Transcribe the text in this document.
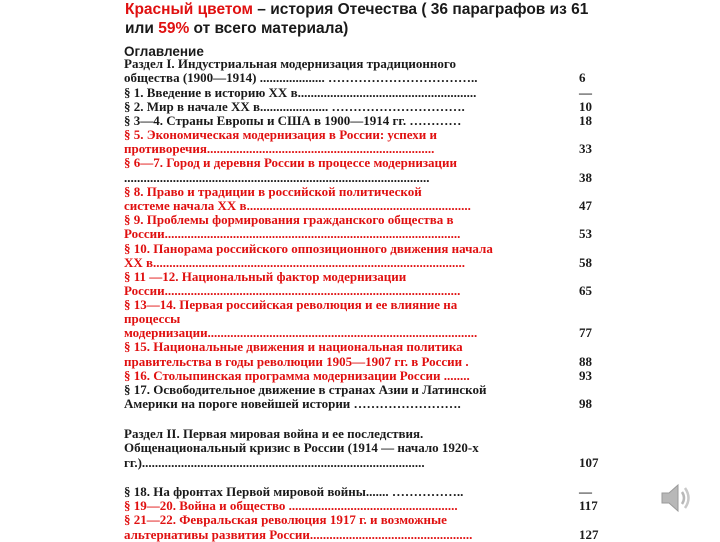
Красный цветом – история Отечества ( 36 параграфов из 61 или 59% от всего материала)
Оглавление
Раздел I. Индустриальная модернизация традиционного
общества (1900—1914) .................... ……………………………..	6
§ 1. Введение в историю XX в.......................................................	—
§ 2. Мир в начале XX в..................... ………………………….	10
§ 3—4. Страны Европы и США в 1900—1914 гг. …………	18
§ 5. Экономическая модернизация в России: успехи и
противоречия......................................................................	33
§ 6—7. Город и деревня России в процессе модернизации
..............................................................................................	38
§ 8. Право и традиции в российской политической
системе начала XX в.....................................................................	47
§ 9. Проблемы формирования гражданского общества в
России...........................................................................................	53
§ 10. Панорама российского оппозиционного движения начала
XX в................................................................................................	58
§ 11 —12. Национальный фактор модернизации
России...........................................................................................	65
§ 13—14. Первая российская революция и ее влияние на
процессы
модернизации...................................................................................	77
§ 15. Национальные движения и национальная политика
правительства в годы революции 1905—1907 гг. в России .	88
§ 16. Столыпинская программа модернизации России ........	93
§ 17. Освободительное движение в странах Азии и Латинской
Америки на пороге новейшей истории …………………….	98
Раздел II. Первая мировая война и ее последствия.
Общенациональный кризис в России (1914 — начало 1920-х
гг.).......................................................................................	107
§ 18. На фронтах Первой мировой войны....... ……………..	—
§ 19—20. Война и общество ....................................................	117
§ 21—22. Февральская революция 1917 г. и возможные
альтернативы развития России..................................................	127
